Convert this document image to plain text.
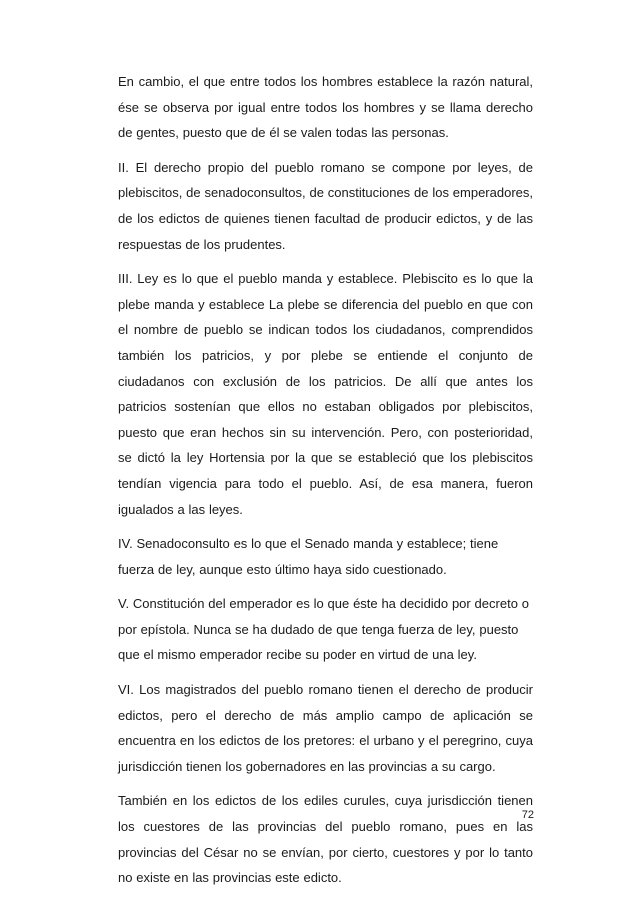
En cambio, el que entre todos los hombres establece la razón natural, ése se observa por igual entre todos los hombres y se llama derecho de gentes, puesto que de él se valen todas las personas.

II. El derecho propio del pueblo romano se compone por leyes, de plebiscitos, de senadoconsultos, de constituciones de los emperadores, de los edictos de quienes tienen facultad de producir edictos, y de las respuestas de los prudentes.

III. Ley es lo que el pueblo manda y establece. Plebiscito es lo que la plebe manda y establece La plebe se diferencia del pueblo en que con el nombre de pueblo se indican todos los ciudadanos, comprendidos también los patricios, y por plebe se entiende el conjunto de ciudadanos con exclusión de los patricios. De allí que antes los patricios sostenían que ellos no estaban obligados por plebiscitos, puesto que eran hechos sin su intervención. Pero, con posterioridad, se dictó la ley Hortensia por la que se estableció que los plebiscitos tendían vigencia para todo el pueblo. Así, de esa manera, fueron igualados a las leyes.

IV. Senadoconsulto es lo que el Senado manda y establece; tiene fuerza de ley, aunque esto último haya sido cuestionado.

V. Constitución del emperador es lo que éste ha decidido por decreto o por epístola. Nunca se ha dudado de que tenga fuerza de ley, puesto que el mismo emperador recibe su poder en virtud de una ley.

VI. Los magistrados del pueblo romano tienen el derecho de producir edictos, pero el derecho de más amplio campo de aplicación se encuentra en los edictos de los pretores: el urbano y el peregrino, cuya jurisdicción tienen los gobernadores en las provincias a su cargo.

También en los edictos de los ediles curules, cuya jurisdicción tienen los cuestores de las provincias del pueblo romano, pues en las provincias del César no se envían, por cierto, cuestores y por lo tanto no existe en las provincias este edicto.

72
